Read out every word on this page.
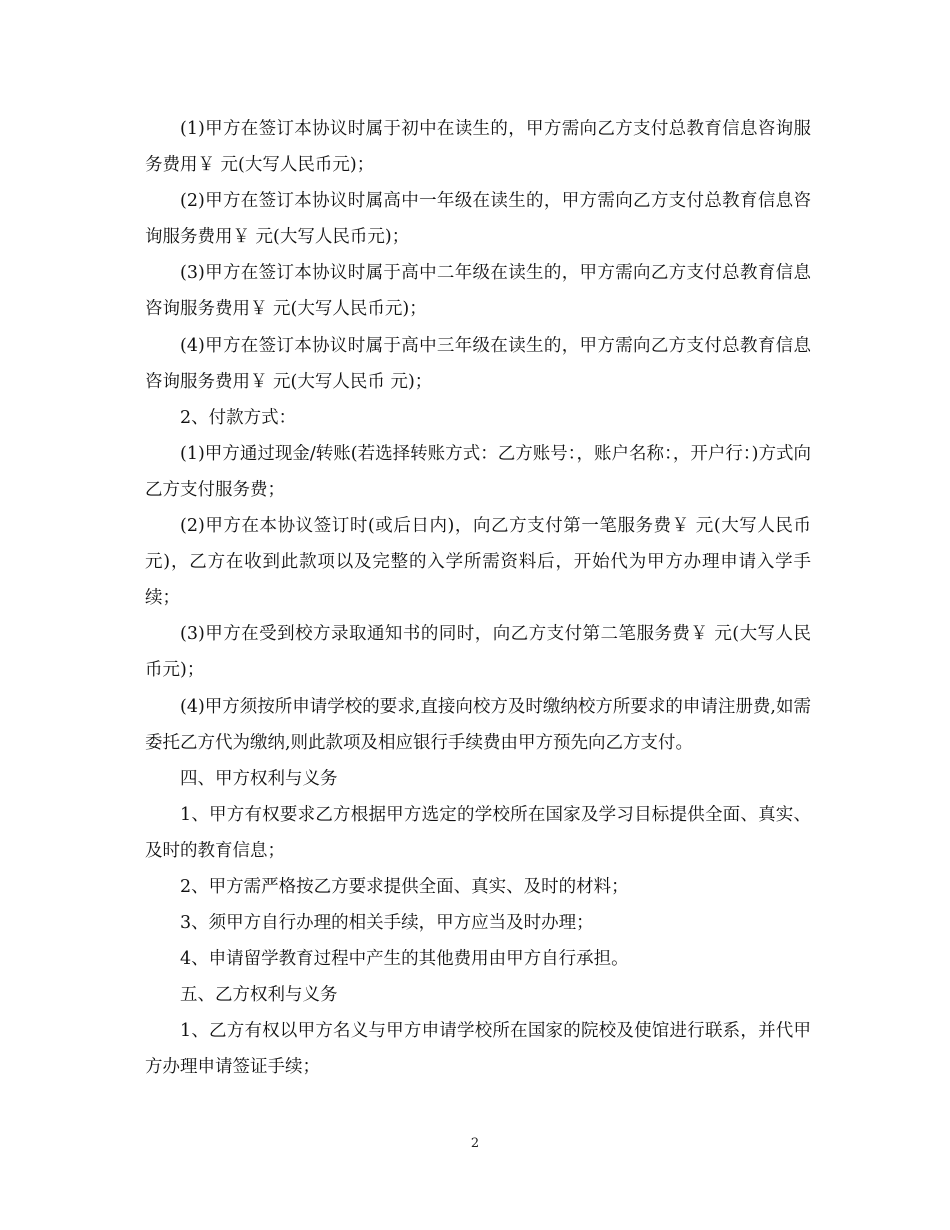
(1)甲方在签订本协议时属于初中在读生的，甲方需向乙方支付总教育信息咨询服务费用￥ 元(大写人民币元)；

(2)甲方在签订本协议时属高中一年级在读生的，甲方需向乙方支付总教育信息咨询服务费用￥ 元(大写人民币元)；

(3)甲方在签订本协议时属于高中二年级在读生的，甲方需向乙方支付总教育信息咨询服务费用￥ 元(大写人民币元)；

(4)甲方在签订本协议时属于高中三年级在读生的，甲方需向乙方支付总教育信息咨询服务费用￥ 元(大写人民币 元)；

2、付款方式：

(1)甲方通过现金/转账(若选择转账方式：乙方账号：，账户名称：，开户行：)方式向乙方支付服务费；

(2)甲方在本协议签订时(或后日内)，向乙方支付第一笔服务费￥ 元(大写人民币元)，乙方在收到此款项以及完整的入学所需资料后，开始代为甲方办理申请入学手续；

(3)甲方在受到校方录取通知书的同时，向乙方支付第二笔服务费￥ 元(大写人民币元)；

(4)甲方须按所申请学校的要求,直接向校方及时缴纳校方所要求的申请注册费,如需委托乙方代为缴纳,则此款项及相应银行手续费由甲方预先向乙方支付。

四、甲方权利与义务

1、甲方有权要求乙方根据甲方选定的学校所在国家及学习目标提供全面、真实、及时的教育信息；

2、甲方需严格按乙方要求提供全面、真实、及时的材料；

3、须甲方自行办理的相关手续，甲方应当及时办理；

4、申请留学教育过程中产生的其他费用由甲方自行承担。

五、乙方权利与义务

1、乙方有权以甲方名义与甲方申请学校所在国家的院校及使馆进行联系，并代甲方办理申请签证手续；

2
